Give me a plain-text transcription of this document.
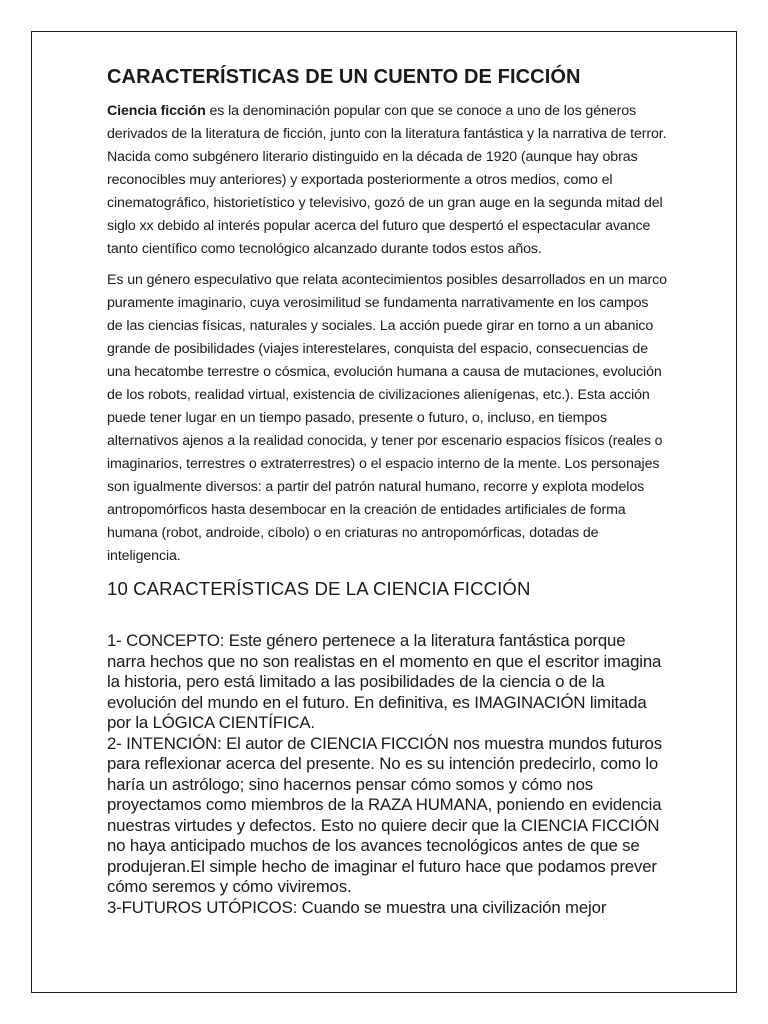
CARACTERÍSTICAS DE UN CUENTO DE FICCIÓN

Ciencia ficción es la denominación popular con que se conoce a uno de los géneros derivados de la literatura de ficción, junto con la literatura fantástica y la narrativa de terror. Nacida como subgénero literario distinguido en la década de 1920 (aunque hay obras reconocibles muy anteriores) y exportada posteriormente a otros medios, como el cinematográfico, historietístico y televisivo, gozó de un gran auge en la segunda mitad del siglo xx debido al interés popular acerca del futuro que despertó el espectacular avance tanto científico como tecnológico alcanzado durante todos estos años.

Es un género especulativo que relata acontecimientos posibles desarrollados en un marco puramente imaginario, cuya verosimilitud se fundamenta narrativamente en los campos de las ciencias físicas, naturales y sociales. La acción puede girar en torno a un abanico grande de posibilidades (viajes interestelares, conquista del espacio, consecuencias de una hecatombe terrestre o cósmica, evolución humana a causa de mutaciones, evolución de los robots, realidad virtual, existencia de civilizaciones alienígenas, etc.). Esta acción puede tener lugar en un tiempo pasado, presente o futuro, o, incluso, en tiempos alternativos ajenos a la realidad conocida, y tener por escenario espacios físicos (reales o imaginarios, terrestres o extraterrestres) o el espacio interno de la mente. Los personajes son igualmente diversos: a partir del patrón natural humano, recorre y explota modelos antropomórficos hasta desembocar en la creación de entidades artificiales de forma humana (robot, androide, cíbolo) o en criaturas no antropomórficas, dotadas de inteligencia.

10 CARACTERÍSTICAS DE LA CIENCIA FICCIÓN
1- CONCEPTO: Este género pertenece a la literatura fantástica porque narra hechos que no son realistas en el momento en que el escritor imagina la historia, pero está limitado a las posibilidades de la ciencia o de la evolución del mundo en el futuro. En definitiva, es IMAGINACIÓN limitada por la LÓGICA CIENTÍFICA.
2- INTENCIÓN: El autor de CIENCIA FICCIÓN nos muestra mundos futuros para reflexionar acerca del presente. No es su intención predecirlo, como lo haría un astrólogo; sino hacernos pensar cómo somos y cómo nos proyectamos como miembros de la RAZA HUMANA, poniendo en evidencia nuestras virtudes y defectos. Esto no quiere decir que la CIENCIA FICCIÓN no haya anticipado muchos de los avances tecnológicos antes de que se produjeran.El simple hecho de imaginar el futuro hace que podamos prever cómo seremos y cómo viviremos.
3-FUTUROS UTÓPICOS: Cuando se muestra una civilización mejor
